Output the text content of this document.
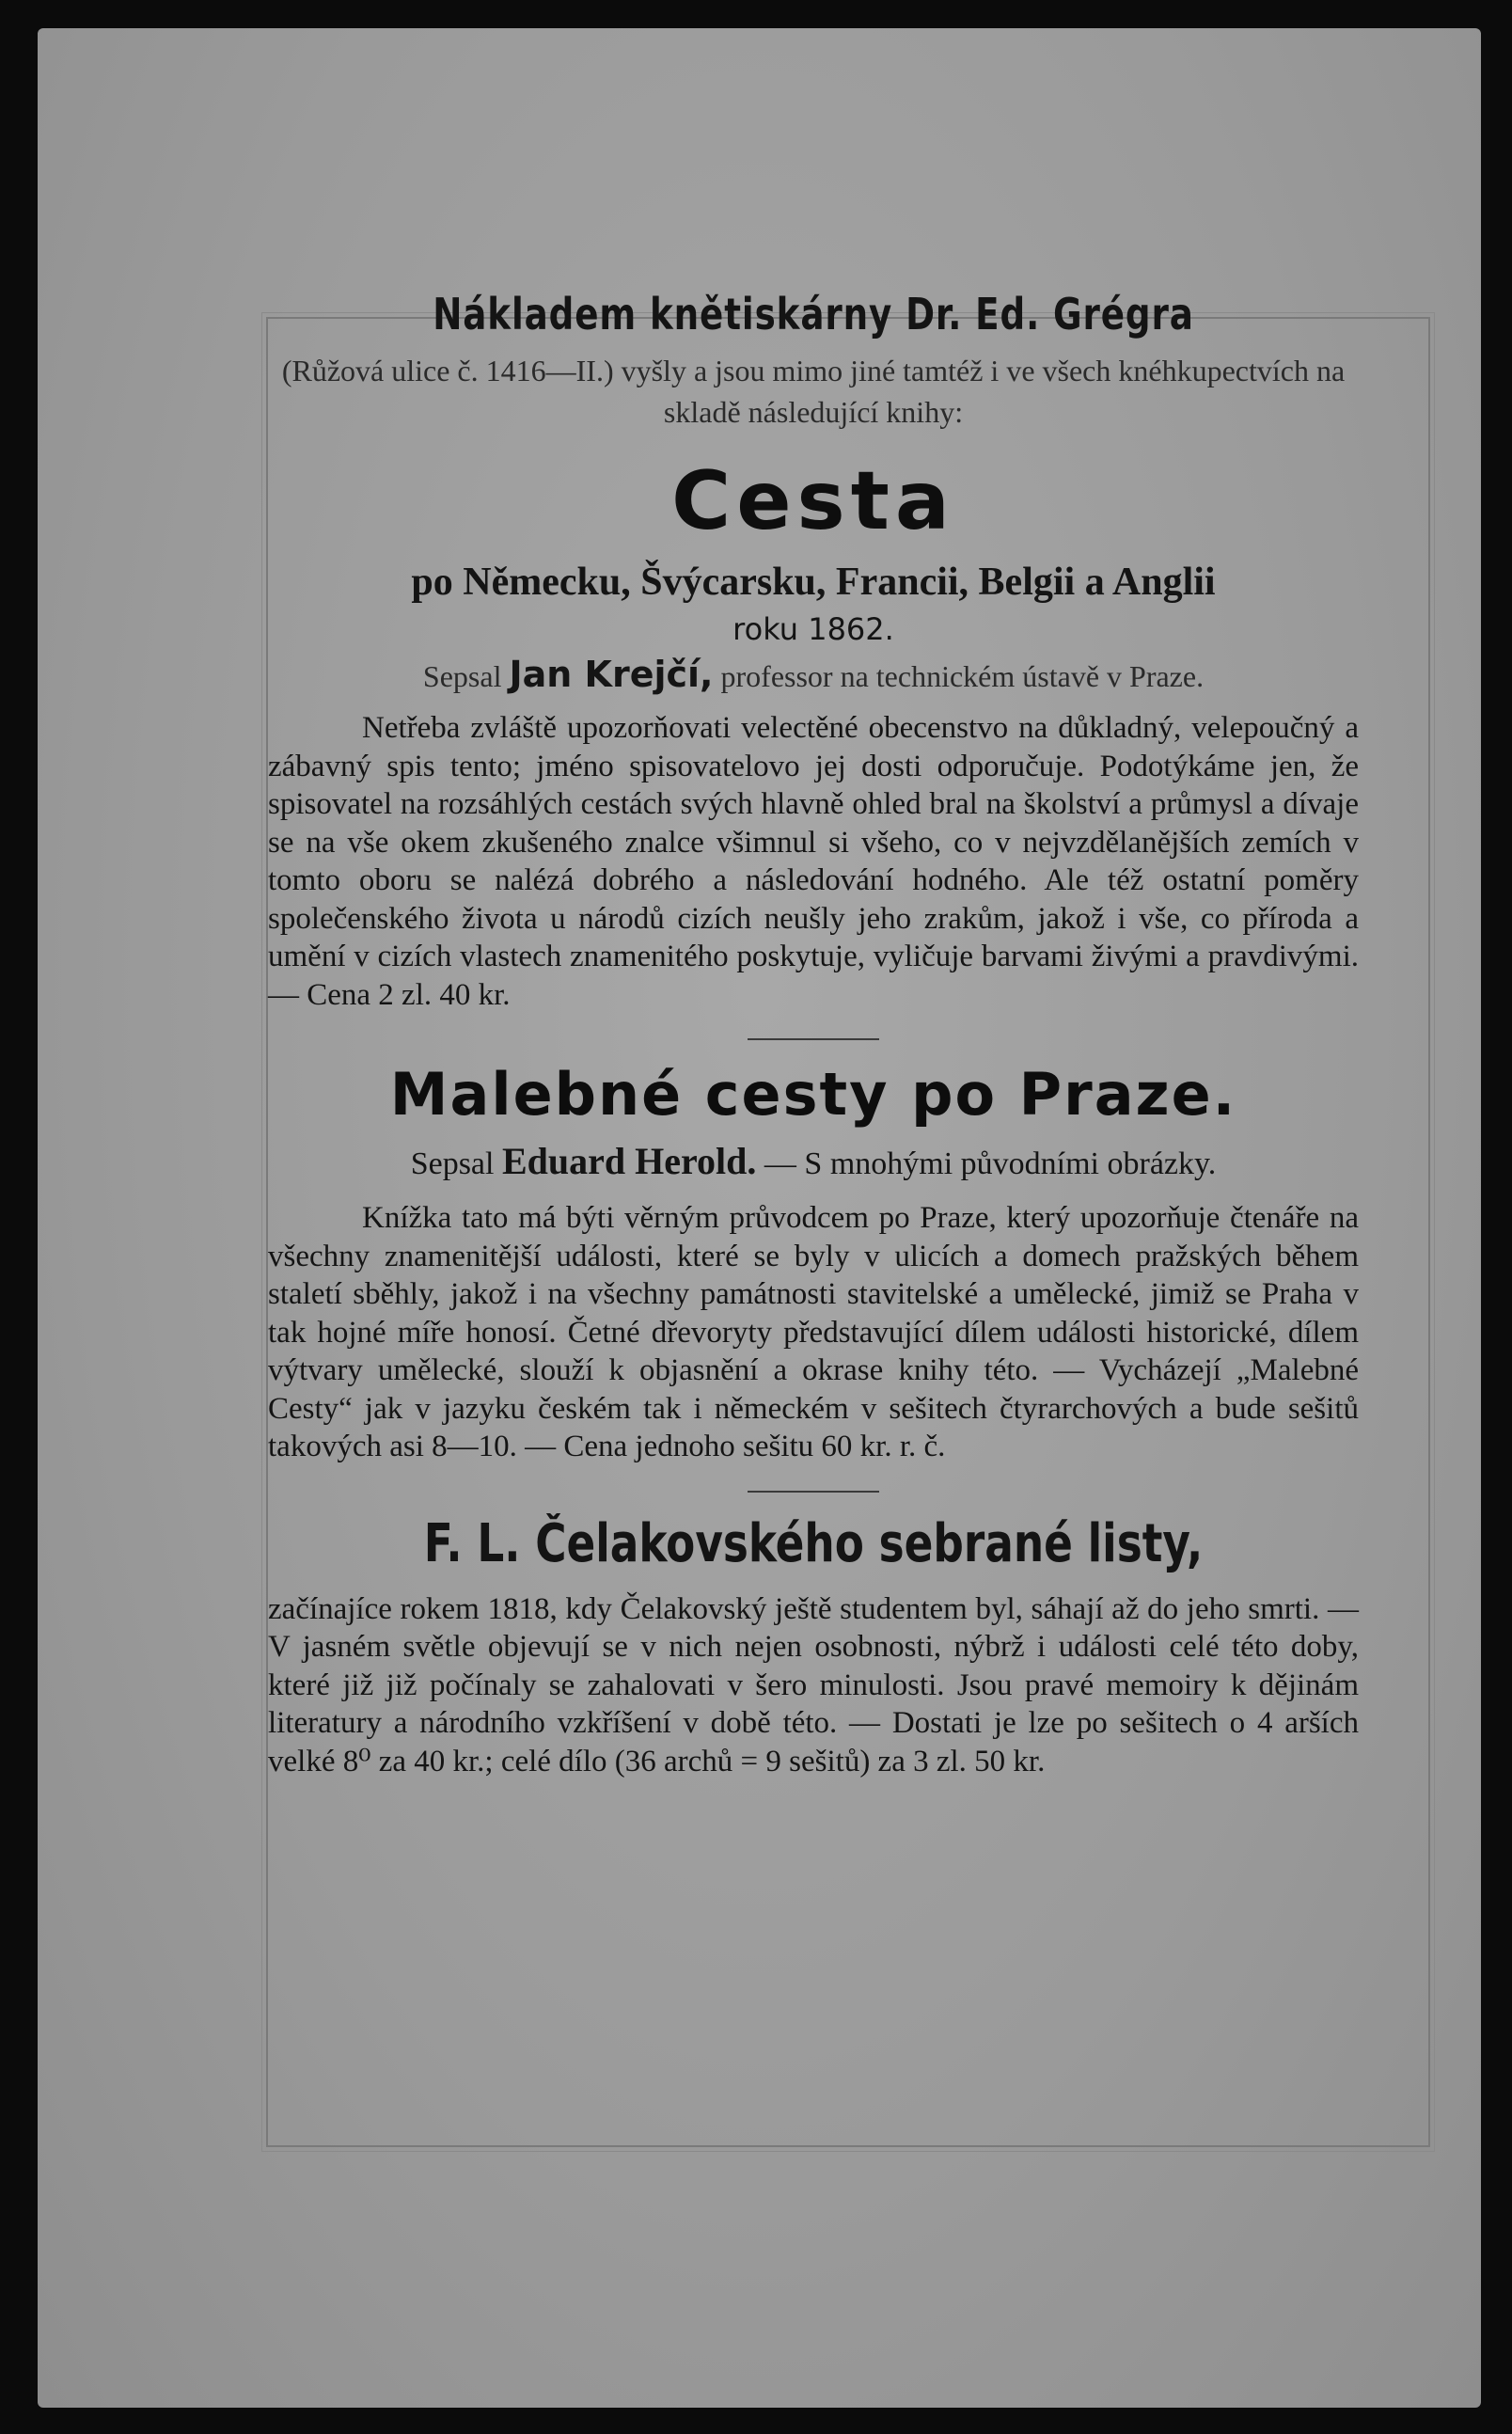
Nákladem knětiskárny Dr. Ed. Grégra

(Růžová ulice č. 1416—II.) vyšly a jsou mimo jiné tamtéž i ve všech knéhkupectvích na skladě následující knihy:

Cesta

po Německu, Švýcarsku, Francii, Belgii a Anglii

roku 1862.

Sepsal Jan Krejčí, professor na technickém ústavě v Praze.

Netřeba zvláště upozorňovati velectěné obecenstvo na důkladný, velepoučný a zábavný spis tento; jméno spisovatelovo jej dosti odporučuje. Podotýkáme jen, že spisovatel na rozsáhlých cestách svých hlavně ohled bral na školství a průmysl a dívaje se na vše okem zkušeného znalce všimnul si všeho, co v nejvzdělanějších zemích v tomto oboru se nalézá dobrého a následování hodného. Ale též ostatní poměry společenského života u národů cizích neušly jeho zrakům, jakož i vše, co příroda a umění v cizích vlastech znamenitého poskytuje, vyličuje barvami živými a pravdivými. — Cena 2 zl. 40 kr.

Malebné cesty po Praze.

Sepsal Eduard Herold. — S mnohými původními obrázky.

Knížka tato má býti věrným průvodcem po Praze, který upozorňuje čtenáře na všechny znamenitější události, které se byly v ulicích a domech pražských během staletí sběhly, jakož i na všechny památnosti stavitelské a umělecké, jimiž se Praha v tak hojné míře honosí. Četné dřevoryty představující dílem události historické, dílem výtvary umělecké, slouží k objasnění a okrase knihy této. — Vycházejí „Malebné Cesty“ jak v jazyku českém tak i německém v sešitech čtyrarchových a bude sešitů takových asi 8—10. — Cena jednoho sešitu 60 kr. r. č.

F. L. Čelakovského sebrané listy,

začínajíce rokem 1818, kdy Čelakovský ještě studentem byl, sáhají až do jeho smrti. — V jasném světle objevují se v nich nejen osobnosti, nýbrž i události celé této doby, které již již počínaly se zahalovati v šero minulosti. Jsou pravé memoiry k dějinám literatury a národního vzkříšení v době této. — Dostati je lze po sešitech o 4 arších velké 8⁰ za 40 kr.; celé dílo (36 archů = 9 sešitů) za 3 zl. 50 kr.
